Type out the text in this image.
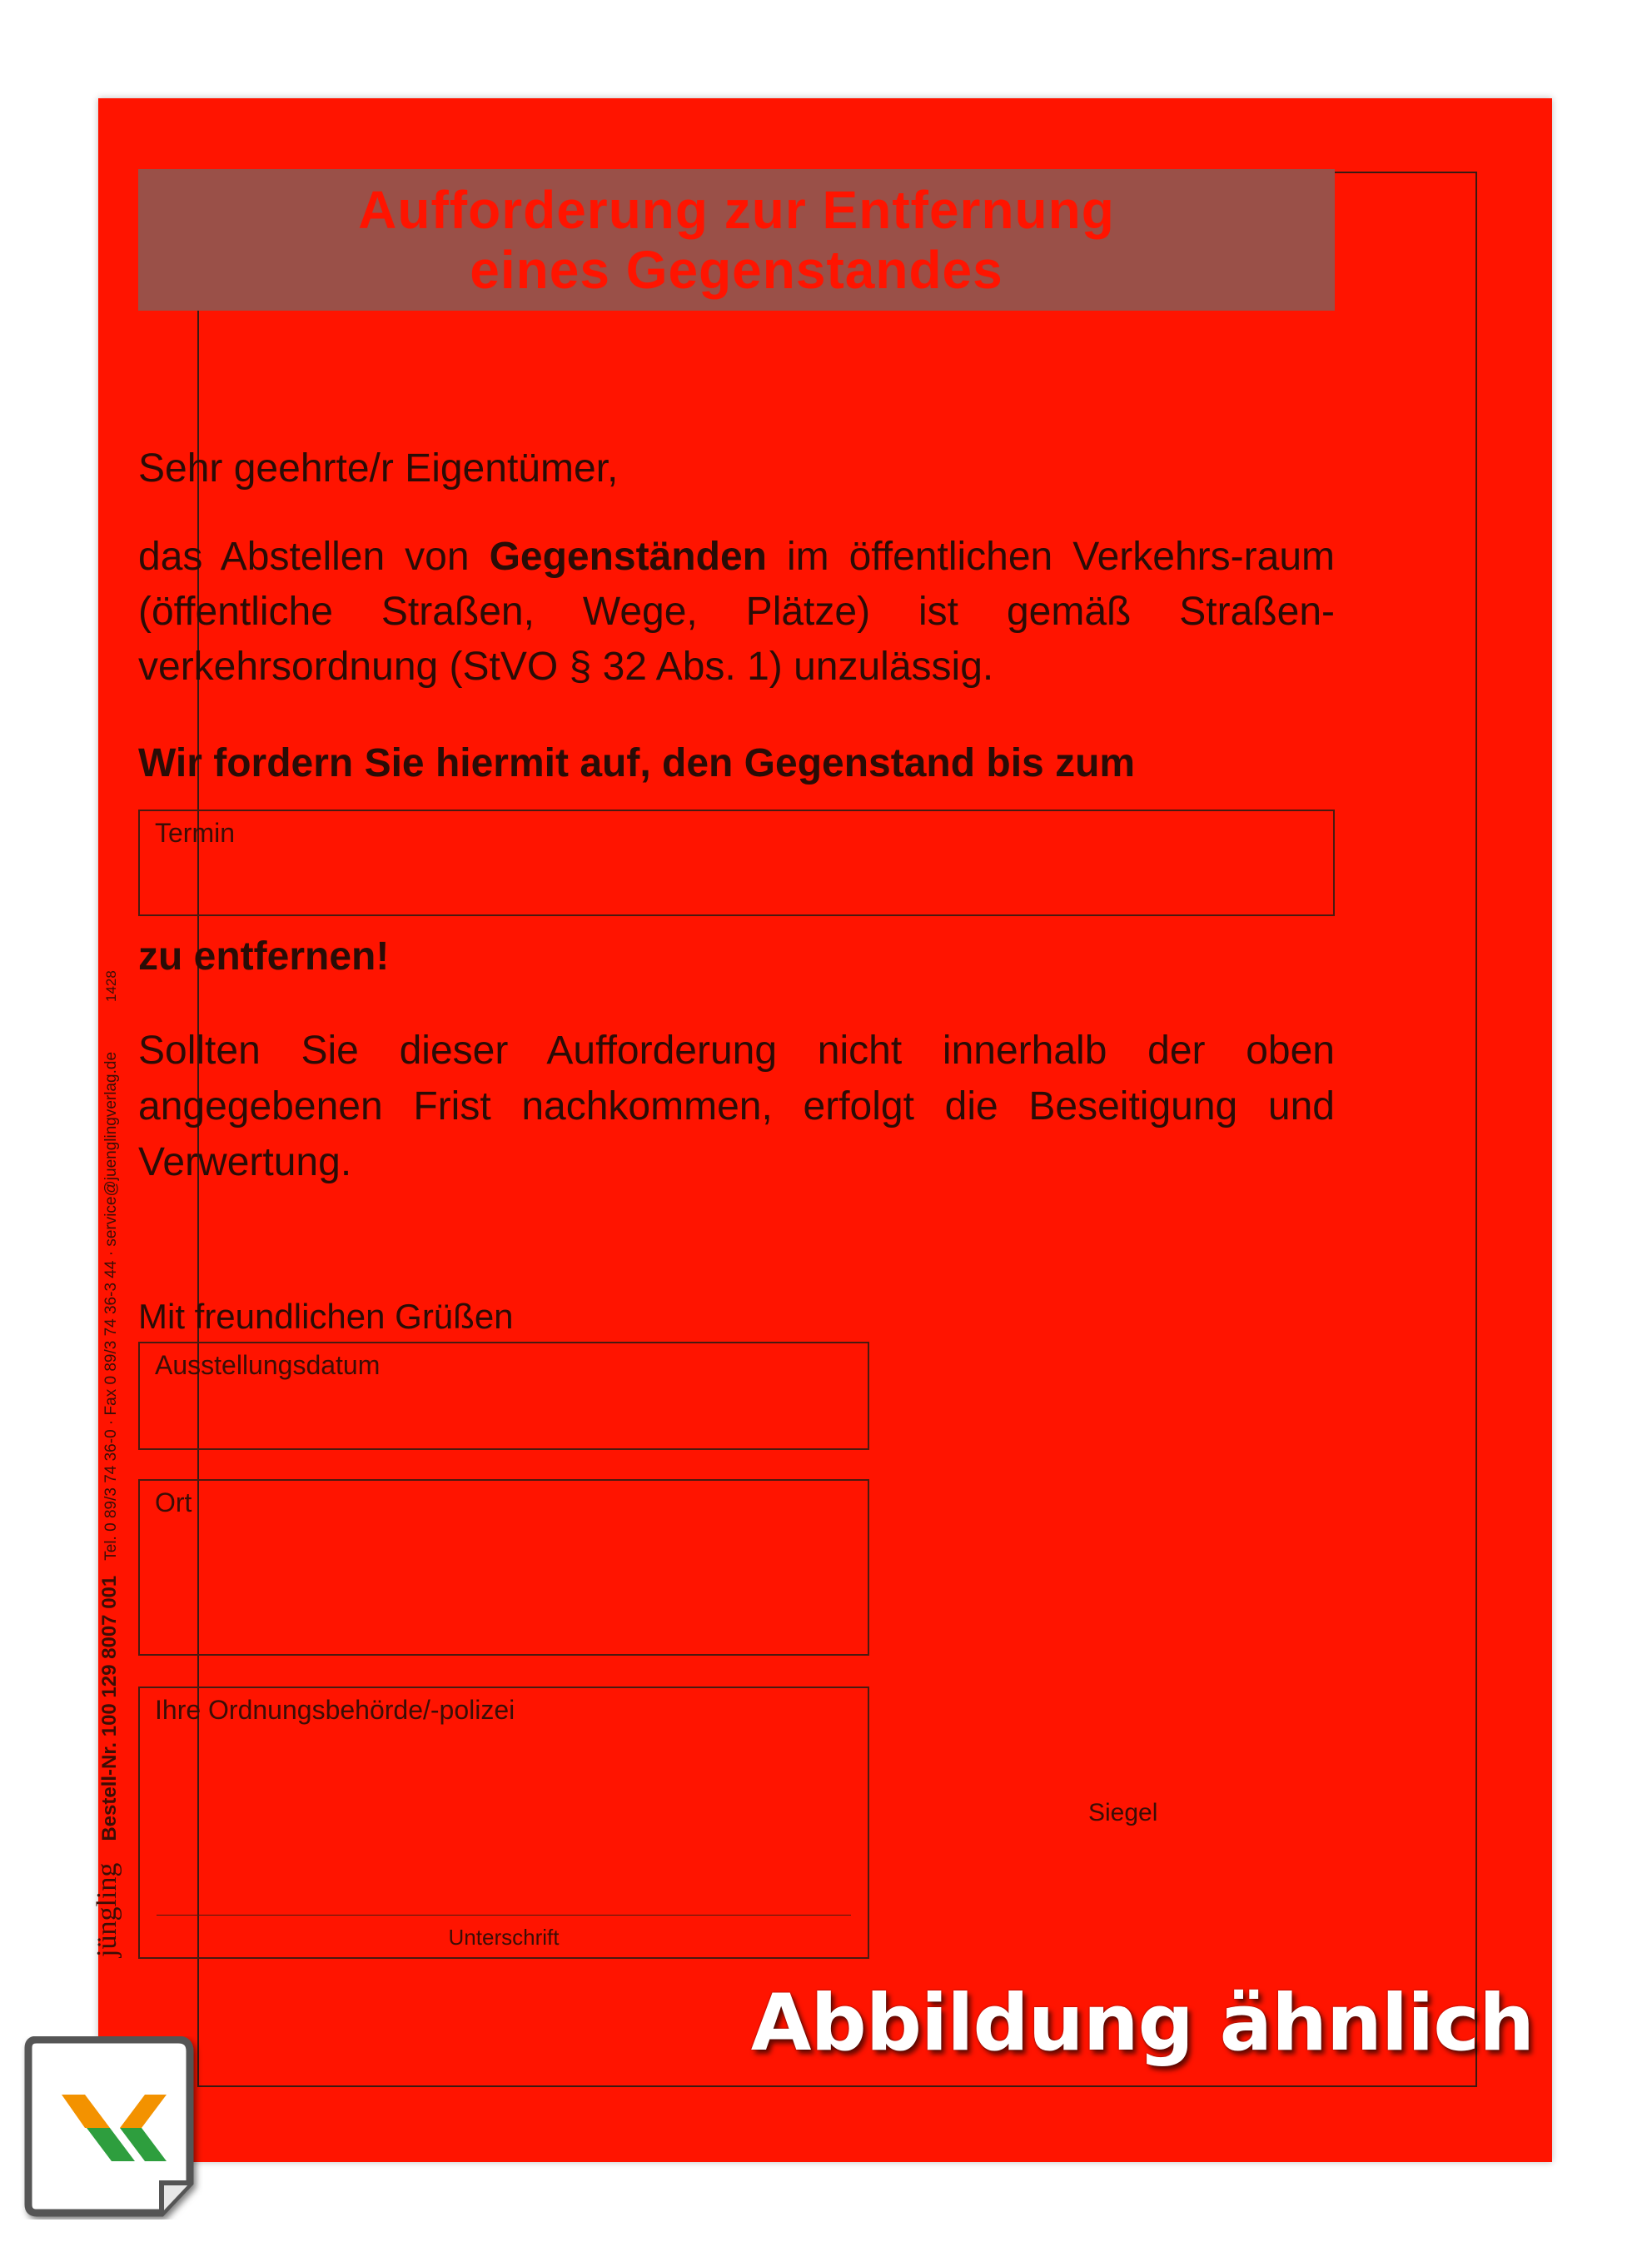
Aufforderung zur Entfernung
eines Gegenstandes
Sehr geehrte/r Eigentümer,
das Abstellen von Gegenständen im öffentlichen Verkehrs-raum (öffentliche Straßen, Wege, Plätze) ist gemäß Straßen-verkehrsordnung (StVO § 32 Abs. 1) unzulässig.
Wir fordern Sie hiermit auf, den Gegenstand bis zum
Termin
zu entfernen!
Sollten Sie dieser Aufforderung nicht innerhalb der oben angegebenen Frist nachkommen, erfolgt die Beseitigung und Verwertung.
Mit freundlichen Grüßen
Ausstellungsdatum
Ort
Ihre Ordnungsbehörde/-polizei
Unterschrift
Siegel
jünglingBestell-Nr. 100 129 8007 001Tel. 0 89/3 74 36-0 · Fax 0 89/3 74 36-3 44 · service@juenglingverlag.de1428
Abbildung ähnlich
